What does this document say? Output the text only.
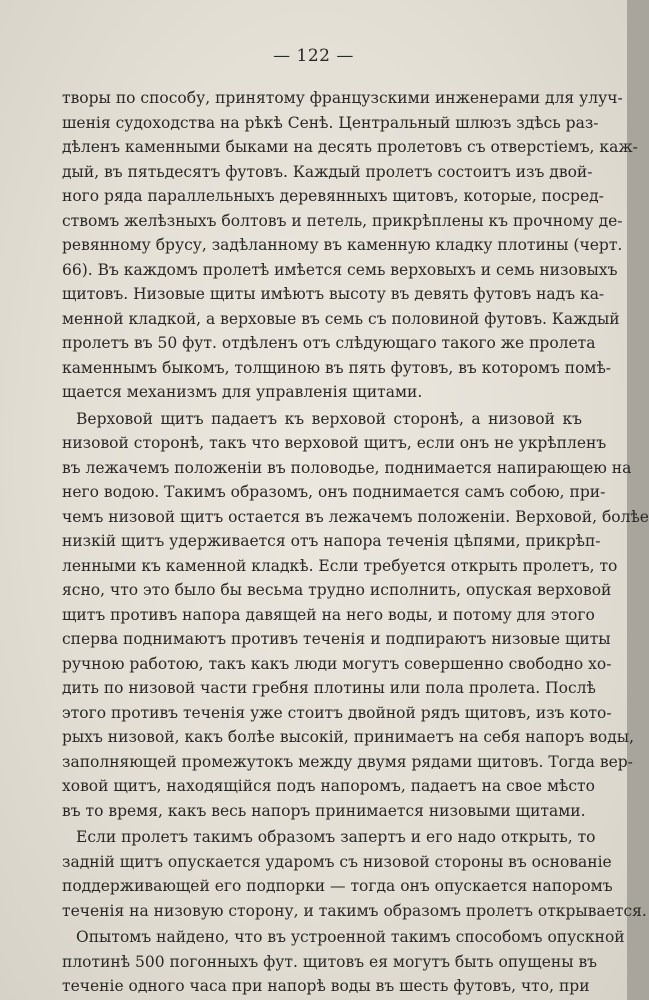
— 122 —
творы по способу, принятому французскими инженерами для улуч-
шенія судоходства на рѣкѣ Сенѣ. Центральный шлюзъ здѣсь раз-
дѣленъ каменными быками на десять пролетовъ съ отверстіемъ, каж-
дый, въ пятьдесятъ футовъ. Каждый пролетъ состоитъ изъ двой-
ного ряда параллельныхъ деревянныхъ щитовъ, которые, посред-
ствомъ желѣзныхъ болтовъ и петель, прикрѣплены къ прочному де-
ревянному брусу, задѣланному въ каменную кладку плотины (черт.
66). Въ каждомъ пролетѣ имѣется семь верховыхъ и семь низовыхъ
щитовъ. Низовые щиты имѣютъ высоту въ девять футовъ надъ ка-
менной кладкой, а верховые въ семь съ половиной футовъ. Каждый
пролетъ въ 50 фут. отдѣленъ отъ слѣдующаго такого же пролета
каменнымъ быкомъ, толщиною въ пять футовъ, въ которомъ помѣ-
щается механизмъ для управленія щитами.
Верховой щитъ падаетъ къ верховой сторонѣ, а низовой къ
низовой сторонѣ, такъ что верховой щитъ, если онъ не укрѣпленъ
въ лежачемъ положеніи въ половодье, поднимается напирающею на
него водою. Такимъ образомъ, онъ поднимается самъ собою, при-
чемъ низовой щитъ остается въ лежачемъ положеніи. Верховой, болѣе
низкій щитъ удерживается отъ напора теченія цѣпями, прикрѣп-
ленными къ каменной кладкѣ. Если требуется открыть пролетъ, то
ясно, что это было бы весьма трудно исполнить, опуская верховой
щитъ противъ напора давящей на него воды, и потому для этого
сперва поднимаютъ противъ теченія и подпираютъ низовые щиты
ручною работою, такъ какъ люди могутъ совершенно свободно хо-
дить по низовой части гребня плотины или пола пролета. Послѣ
этого противъ теченія уже стоитъ двойной рядъ щитовъ, изъ кото-
рыхъ низовой, какъ болѣе высокій, принимаетъ на себя напоръ воды,
заполняющей промежутокъ между двумя рядами щитовъ. Тогда вер-
ховой щитъ, находящійся подъ напоромъ, падаетъ на свое мѣсто
въ то время, какъ весь напоръ принимается низовыми щитами.
Если пролетъ такимъ образомъ запертъ и его надо открыть, то
задній щитъ опускается ударомъ съ низовой стороны въ основаніе
поддерживающей его подпорки — тогда онъ опускается напоромъ
теченія на низовую сторону, и такимъ образомъ пролетъ открывается.
Опытомъ найдено, что въ устроенной такимъ способомъ опускной
плотинѣ 500 погонныхъ фут. щитовъ ея могутъ быть опущены въ
теченіе одного часа при напорѣ воды въ шесть футовъ, что, при
